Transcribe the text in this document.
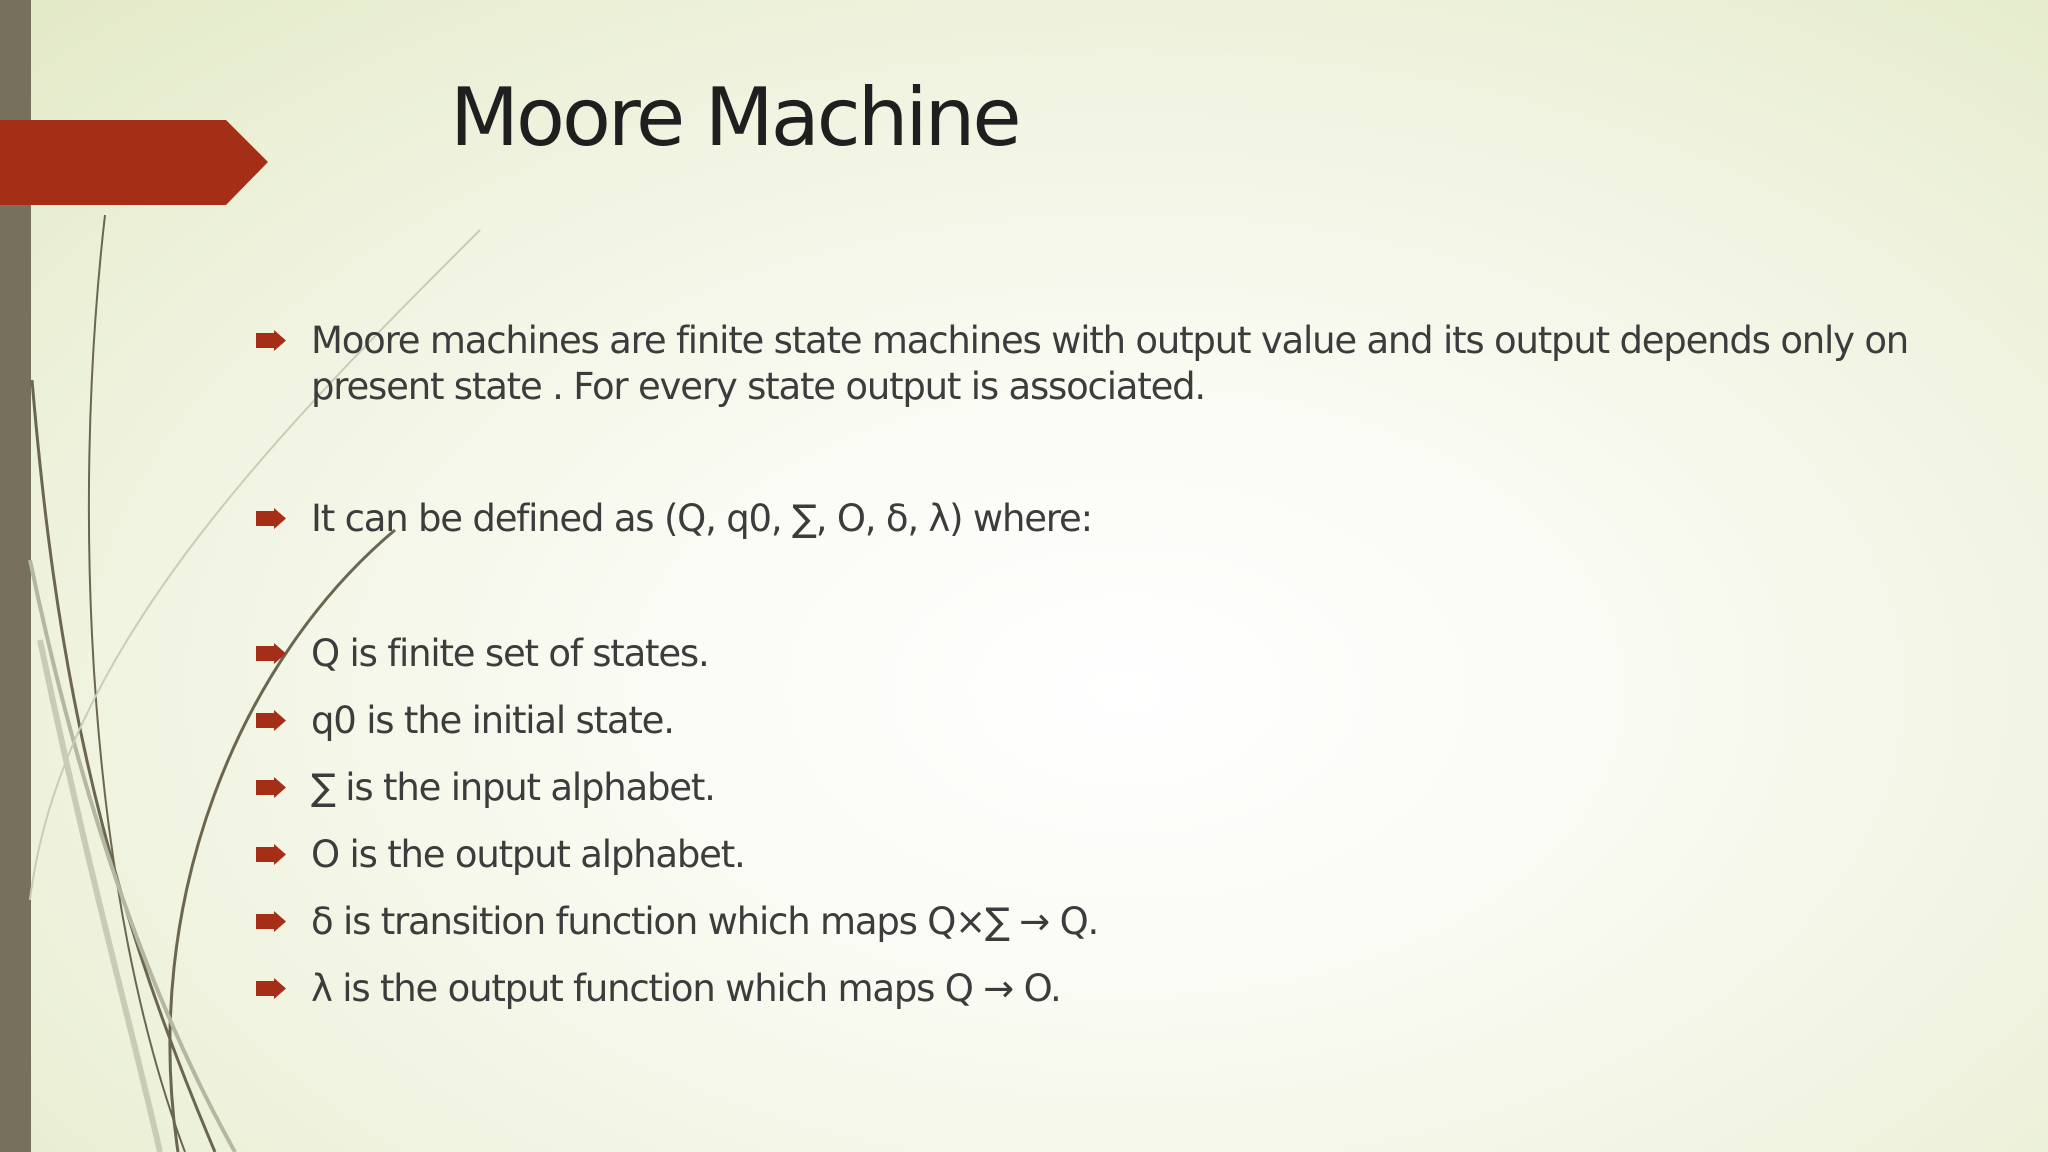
Moore Machine
Moore machines are finite state machines with output value and its output depends only on present state . For every state output is associated.
It can be defined as (Q, q0, ∑, O, δ, λ) where:
Q is finite set of states.
q0 is the initial state.
∑ is the input alphabet.
O is the output alphabet.
δ is transition function which maps Q×∑ → Q.
λ is the output function which maps Q → O.
